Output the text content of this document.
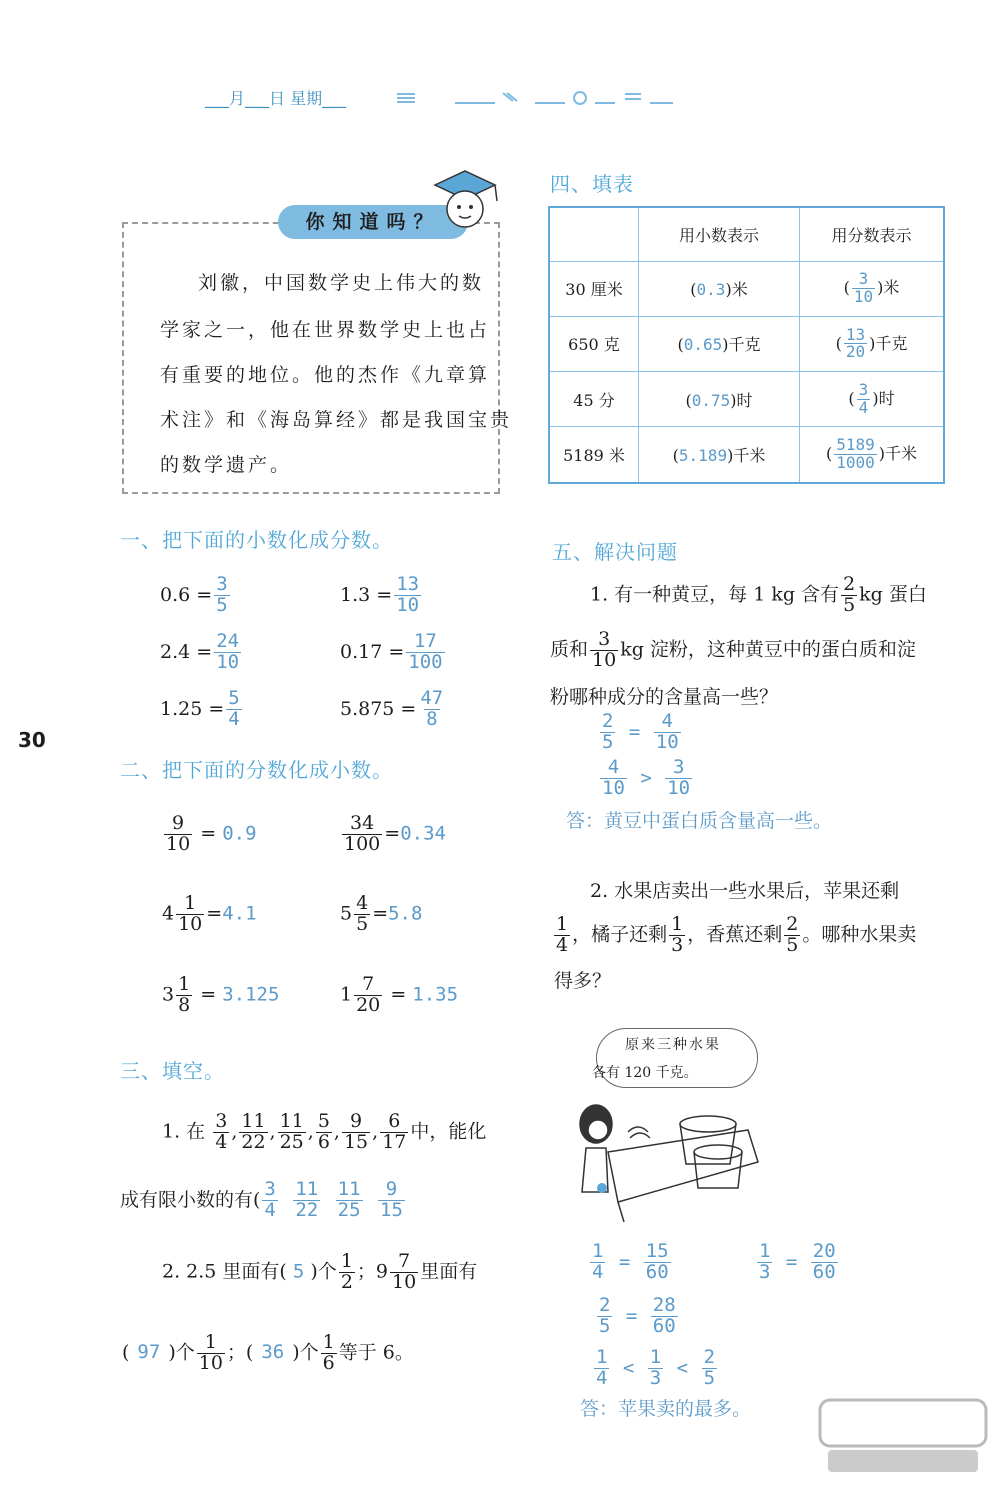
___月___日 星期___
30
你知道吗？
刘徽，中国数学史上伟大的数
学家之一，他在世界数学史上也占
有重要的地位。他的杰作《九章算
术注》和《海岛算经》都是我国宝贵
的数学遗产。
一、把下面的小数化成分数。
$0.6 = \frac{3}{5}$	$1.3 = \frac{13}{10}$
$2.4 = \frac{24}{10}$	$0.17 = \frac{17}{100}$
$1.25 = \frac{5}{4}$	$5.875 = \frac{47}{8}$
二、把下面的分数化成小数。
$\frac{9}{10} = 0.9$	$\frac{34}{100} =0.34$
$4 \frac{1}{10} =4.1$	$5 \frac{4}{5} =5.8$
$3 \frac{1}{8} = 3.125$	$1 \frac{7}{20} = 1.35$
三、填空。
1. 在 $\frac{3}{4}$ , $\frac{11}{22}$ , $\frac{11}{25}$ , $\frac{5}{6}$ , $\frac{9}{15}$ , $\frac{6}{17}$ 中，能化
成有限小数的有( $\frac{3}{4}$
$\frac{11}{22}$
$\frac{11}{25}$
$\frac{9}{15}$
2. 2.5 里面有( 5 )个 $\frac{1}{2}$ ；$9 \frac{7}{10}$ 里面有
( 97 )个 $\frac{1}{10}$ ；( 36 )个 $\frac{1}{6}$ 等于 6。
四、填表
	用小数表示	用分数表示
30 厘米	(0.3)米	( $\frac{3}{10}$ )米
650 克	(0.65)千克	( $\frac{13}{20}$ )千克
45 分	(0.75)时	( $\frac{3}{4}$ )时
5189 米	(5.189)千米	( $\frac{5189}{1000}$ )千米
五、解决问题
1. 有一种黄豆，每 1 kg 含有 $\frac{2}{5}$ kg 蛋白
质和 $\frac{3}{10}$ kg 淀粉，这种黄豆中的蛋白质和淀
粉哪种成分的含量高一些？
$\frac{2}{5} = \frac{4}{10}$
$\frac{4}{10} > \frac{3}{10}$
答：黄豆中蛋白质含量高一些。
2. 水果店卖出一些水果后，苹果还剩
$\frac{1}{4}$ ，橘子还剩 $\frac{1}{3}$ ，香蕉还剩 $\frac{2}{5}$ 。哪种水果卖
得多？
原来三种水果
各有 120 千克。
$\frac{1}{4} = \frac{15}{60}$	$\frac{1}{3} = \frac{20}{60}$
$\frac{2}{5} = \frac{28}{60}$
$\frac{1}{4} < \frac{1}{3} < \frac{2}{5}$
答：苹果卖的最多。
